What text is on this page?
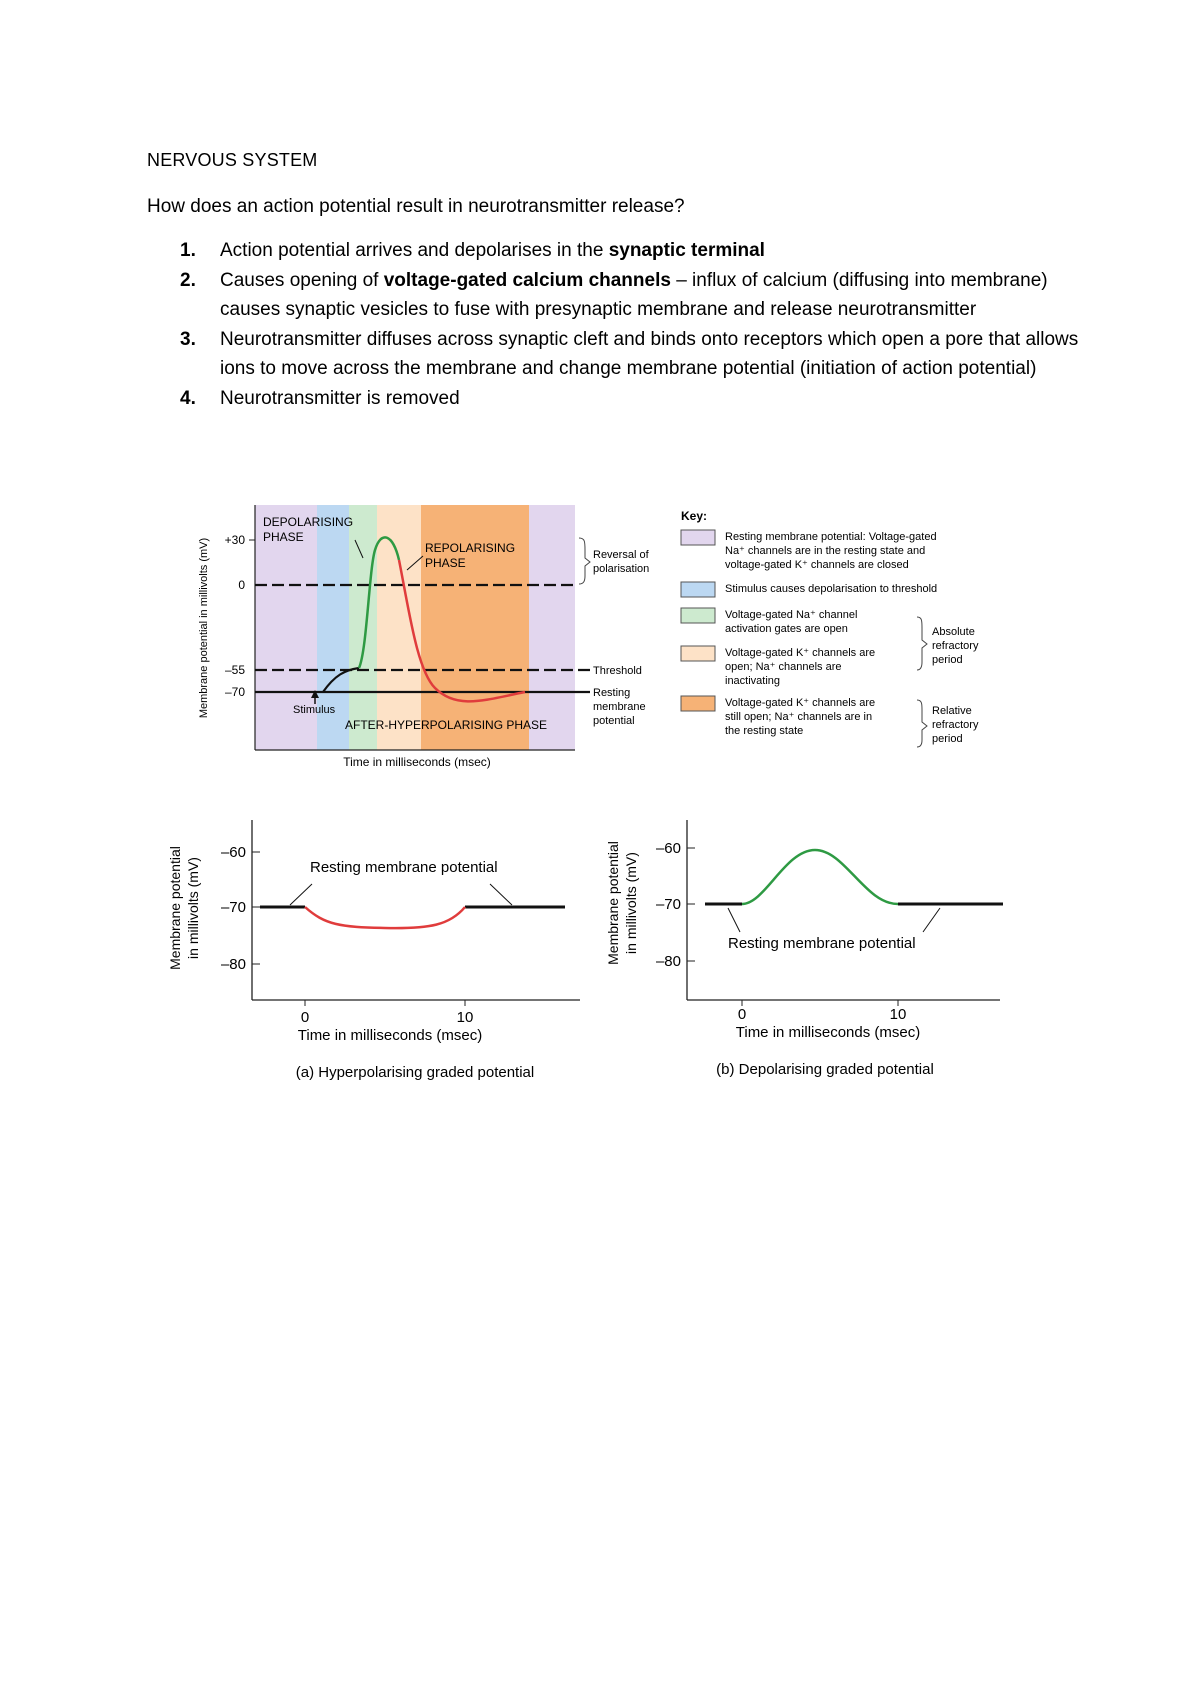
NERVOUS SYSTEM
How does an action potential result in neurotransmitter release?
1. Action potential arrives and depolarises in the synaptic terminal
2. Causes opening of voltage-gated calcium channels – influx of calcium (diffusing into membrane) causes synaptic vesicles to fuse with presynaptic membrane and release neurotransmitter
3. Neurotransmitter diffuses across synaptic cleft and binds onto receptors which open a pore that allows ions to move across the membrane and change membrane potential (initiation of action potential)
4. Neurotransmitter is removed
+30
0
–55
–70
Membrane potential in millivolts (mV)
Time in milliseconds (msec)
DEPOLARISING
PHASE
REPOLARISING
PHASE
AFTER-HYPERPOLARISING PHASE
Stimulus
Reversal of
polarisation
Threshold
Resting
membrane
potential
Key:
Resting membrane potential: Voltage-gated
Na⁺ channels are in the resting state and
voltage-gated K⁺ channels are closed
Stimulus causes depolarisation to threshold
Voltage-gated Na⁺ channel
activation gates are open
Voltage-gated K⁺ channels are
open; Na⁺ channels are
inactivating
Voltage-gated K⁺ channels are
still open; Na⁺ channels are in
the resting state
Absolute
refractory
period
Relative
refractory
period
–60
–70
–80
Membrane potential in millivolts (mV)
0	10
Time in milliseconds (msec)
Resting membrane potential
(a) Hyperpolarising graded potential
–60
–70
–80
Membrane potential in millivolts (mV)
0	10
Time in milliseconds (msec)
Resting membrane potential
(b) Depolarising graded potential
